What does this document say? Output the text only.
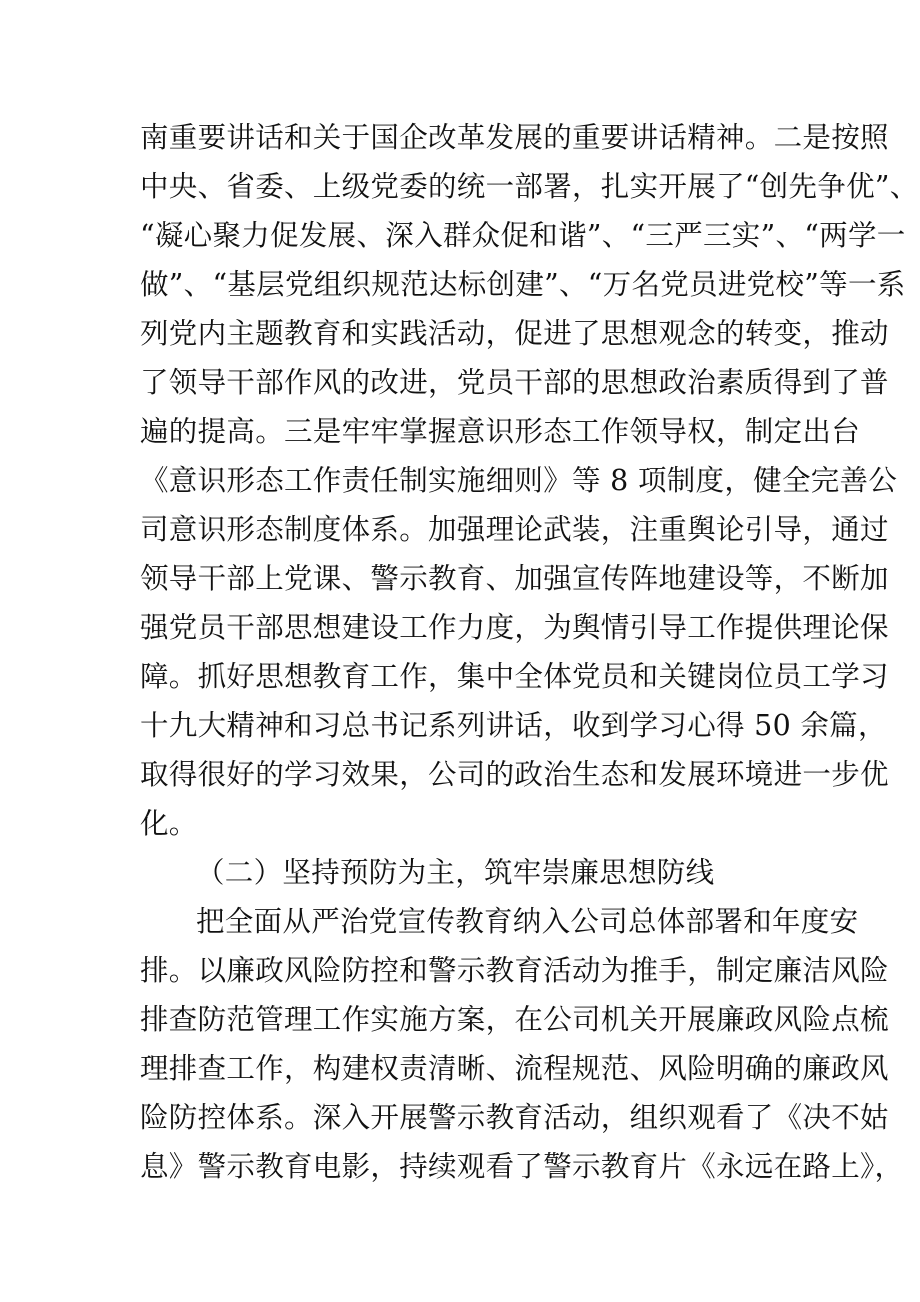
南重要讲话和关于国企改革发展的重要讲话精神。二是按照
中央、省委、上级党委的统一部署，扎实开展了“创先争优”、
“凝心聚力促发展、深入群众促和谐”、“三严三实”、“两学一
做”、“基层党组织规范达标创建”、“万名党员进党校”等一系
列党内主题教育和实践活动，促进了思想观念的转变，推动
了领导干部作风的改进，党员干部的思想政治素质得到了普
遍的提高。三是牢牢掌握意识形态工作领导权，制定出台
《意识形态工作责任制实施细则》等 8 项制度，健全完善公
司意识形态制度体系。加强理论武装，注重舆论引导，通过
领导干部上党课、警示教育、加强宣传阵地建设等，不断加
强党员干部思想建设工作力度，为舆情引导工作提供理论保
障。抓好思想教育工作，集中全体党员和关键岗位员工学习
十九大精神和习总书记系列讲话，收到学习心得 50 余篇，
取得很好的学习效果，公司的政治生态和发展环境进一步优
化。
（二）坚持预防为主，筑牢崇廉思想防线
把全面从严治党宣传教育纳入公司总体部署和年度安
排。以廉政风险防控和警示教育活动为推手，制定廉洁风险
排查防范管理工作实施方案，在公司机关开展廉政风险点梳
理排查工作，构建权责清晰、流程规范、风险明确的廉政风
险防控体系。深入开展警示教育活动，组织观看了《决不姑
息》警示教育电影，持续观看了警示教育片《永远在路上》，
